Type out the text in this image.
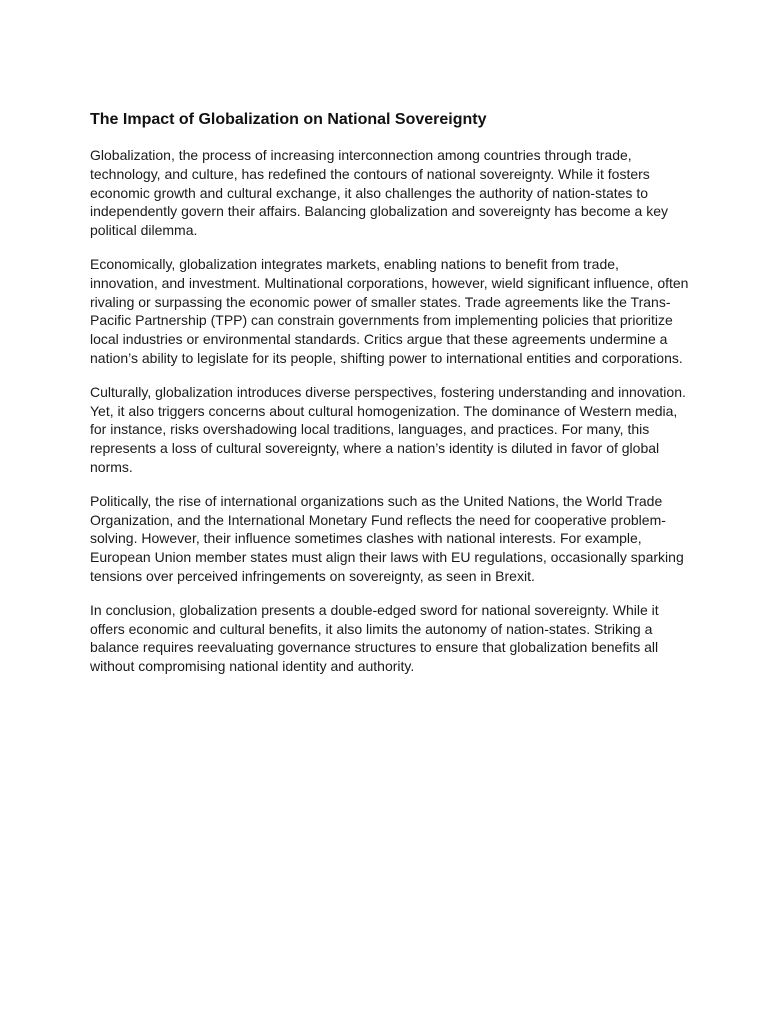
The Impact of Globalization on National Sovereignty

Globalization, the process of increasing interconnection among countries through trade, technology, and culture, has redefined the contours of national sovereignty. While it fosters economic growth and cultural exchange, it also challenges the authority of nation-states to independently govern their affairs. Balancing globalization and sovereignty has become a key political dilemma.

Economically, globalization integrates markets, enabling nations to benefit from trade, innovation, and investment. Multinational corporations, however, wield significant influence, often rivaling or surpassing the economic power of smaller states. Trade agreements like the Trans-Pacific Partnership (TPP) can constrain governments from implementing policies that prioritize local industries or environmental standards. Critics argue that these agreements undermine a nation’s ability to legislate for its people, shifting power to international entities and corporations.

Culturally, globalization introduces diverse perspectives, fostering understanding and innovation. Yet, it also triggers concerns about cultural homogenization. The dominance of Western media, for instance, risks overshadowing local traditions, languages, and practices. For many, this represents a loss of cultural sovereignty, where a nation’s identity is diluted in favor of global norms.

Politically, the rise of international organizations such as the United Nations, the World Trade Organization, and the International Monetary Fund reflects the need for cooperative problem-solving. However, their influence sometimes clashes with national interests. For example, European Union member states must align their laws with EU regulations, occasionally sparking tensions over perceived infringements on sovereignty, as seen in Brexit.

In conclusion, globalization presents a double-edged sword for national sovereignty. While it offers economic and cultural benefits, it also limits the autonomy of nation-states. Striking a balance requires reevaluating governance structures to ensure that globalization benefits all without compromising national identity and authority.
